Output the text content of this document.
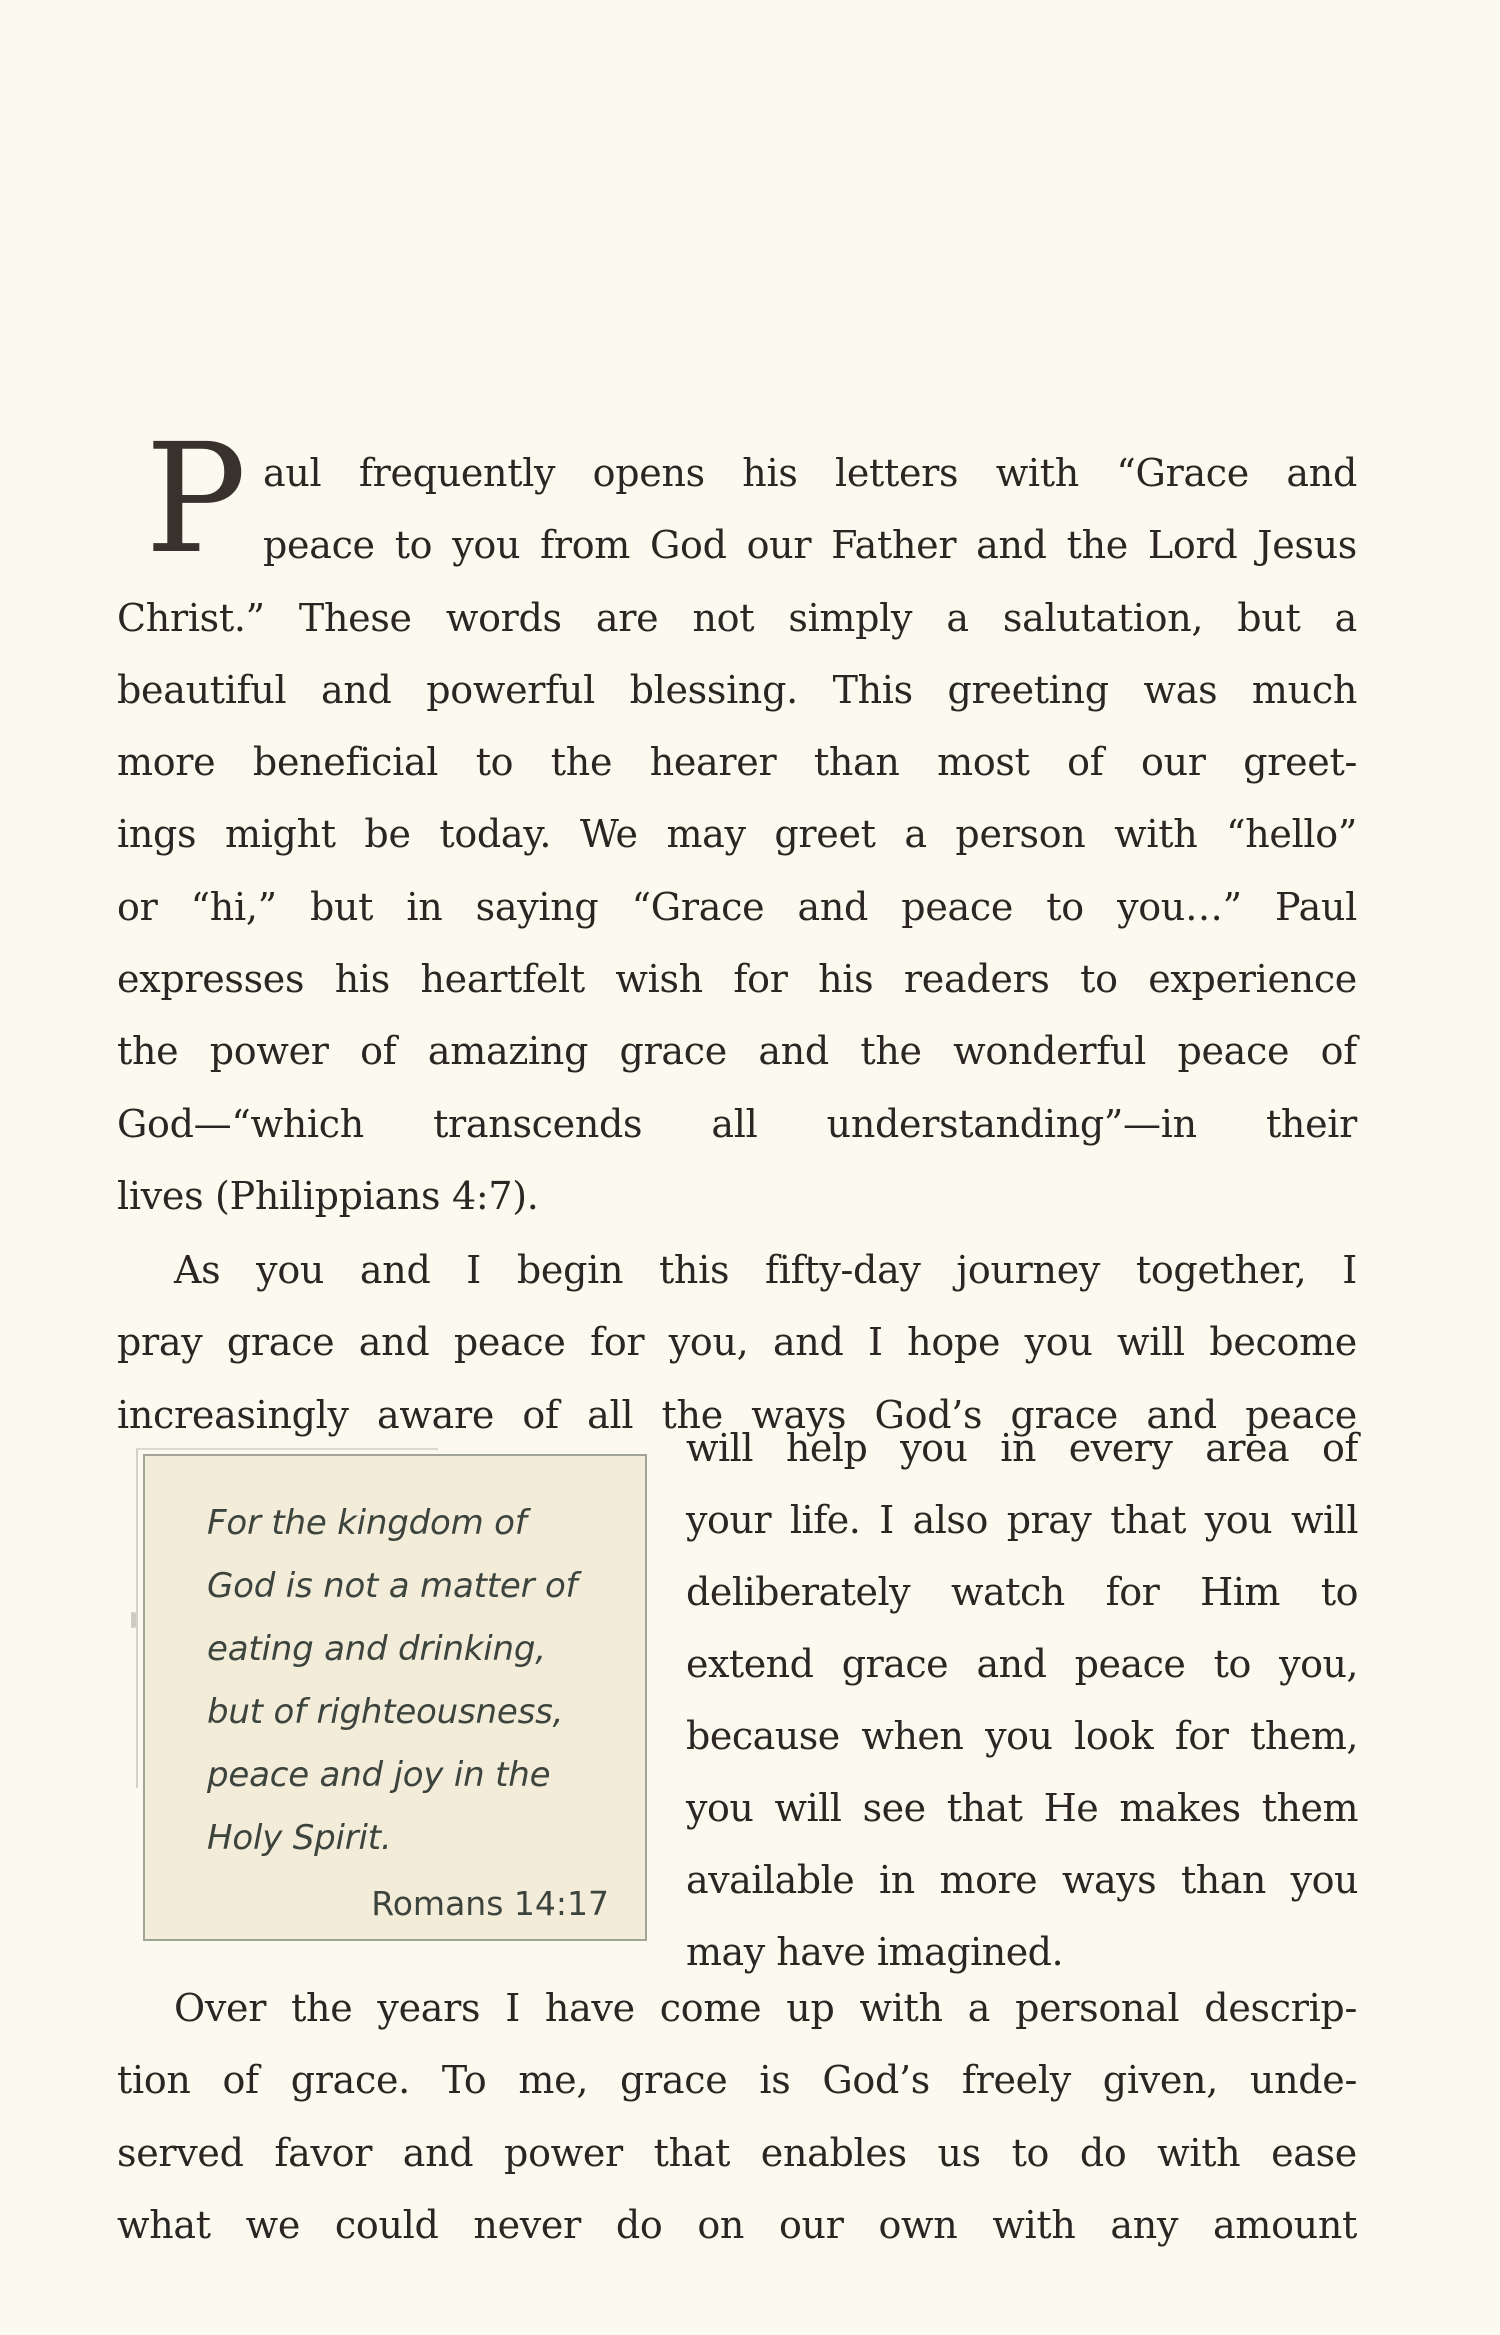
P aul frequently opens his letters with “Grace and
peace to you from God our Father and the Lord Jesus
Christ.” These words are not simply a salutation, but a
beautiful and powerful blessing. This greeting was much
more beneficial to the hearer than most of our greet-
ings might be today. We may greet a person with “hello”
or “hi,” but in saying “Grace and peace to you…” Paul
expresses his heartfelt wish for his readers to experience
the power of amazing grace and the wonderful peace of
God—“which transcends all understanding”—in their
lives (Philippians 4:7).
As you and I begin this fifty-day journey together, I
pray grace and peace for you, and I hope you will become
increasingly aware of all the ways God’s grace and peace
will help you in every area of
your life. I also pray that you will
deliberately watch for Him to
extend grace and peace to you,
because when you look for them,
you will see that He makes them
available in more ways than you
may have imagined.
For the kingdom of
God is not a matter of
eating and drinking,
but of righteousness,
peace and joy in the
Holy Spirit.
Romans 14:17
Over the years I have come up with a personal descrip-
tion of grace. To me, grace is God’s freely given, unde-
served favor and power that enables us to do with ease
what we could never do on our own with any amount
